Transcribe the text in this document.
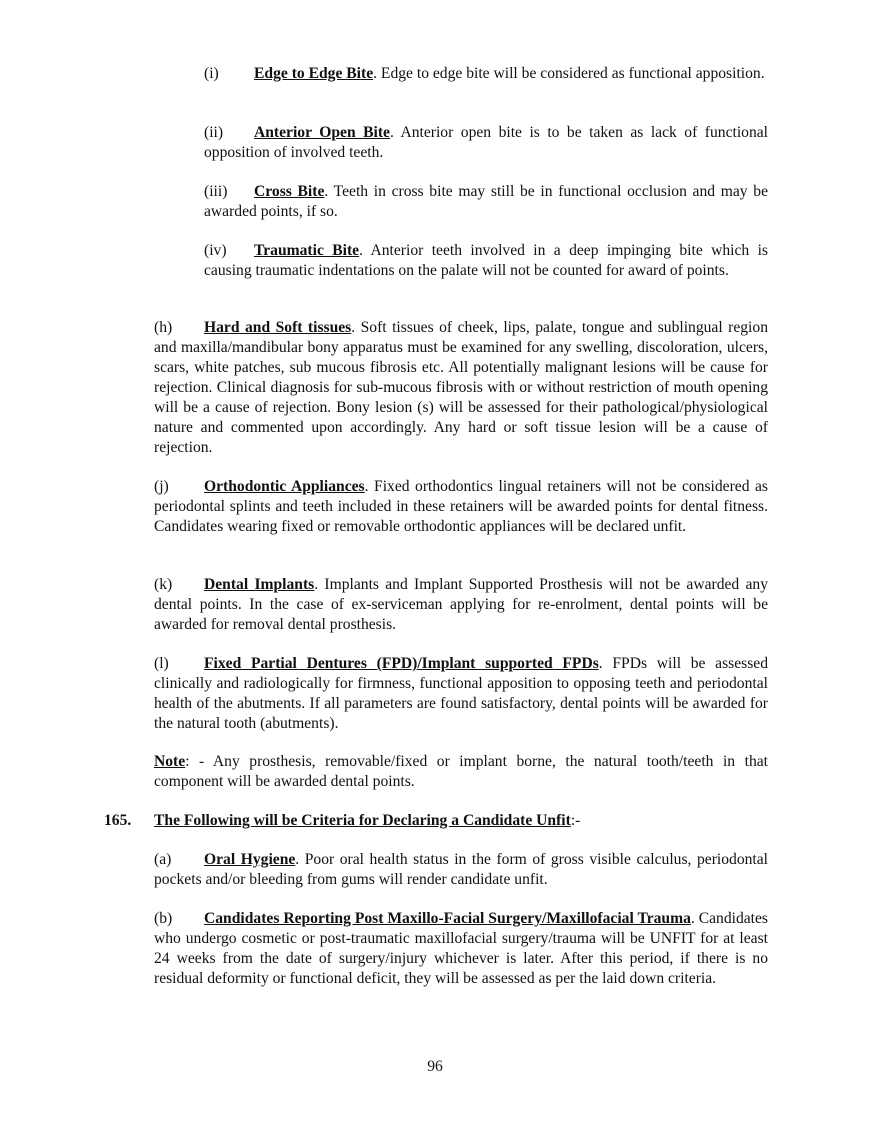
(i) Edge to Edge Bite. Edge to edge bite will be considered as functional apposition.

(ii) Anterior Open Bite. Anterior open bite is to be taken as lack of functional opposition of involved teeth.

(iii) Cross Bite. Teeth in cross bite may still be in functional occlusion and may be awarded points, if so.

(iv) Traumatic Bite. Anterior teeth involved in a deep impinging bite which is causing traumatic indentations on the palate will not be counted for award of points.

(h) Hard and Soft tissues. Soft tissues of cheek, lips, palate, tongue and sublingual region and maxilla/mandibular bony apparatus must be examined for any swelling, discoloration, ulcers, scars, white patches, sub mucous fibrosis etc. All potentially malignant lesions will be cause for rejection. Clinical diagnosis for sub-mucous fibrosis with or without restriction of mouth opening will be a cause of rejection. Bony lesion (s) will be assessed for their pathological/physiological nature and commented upon accordingly. Any hard or soft tissue lesion will be a cause of rejection.

(j) Orthodontic Appliances. Fixed orthodontics lingual retainers will not be considered as periodontal splints and teeth included in these retainers will be awarded points for dental fitness. Candidates wearing fixed or removable orthodontic appliances will be declared unfit.

(k) Dental Implants. Implants and Implant Supported Prosthesis will not be awarded any dental points. In the case of ex-serviceman applying for re-enrolment, dental points will be awarded for removal dental prosthesis.

(l) Fixed Partial Dentures (FPD)/Implant supported FPDs. FPDs will be assessed clinically and radiologically for firmness, functional apposition to opposing teeth and periodontal health of the abutments. If all parameters are found satisfactory, dental points will be awarded for the natural tooth (abutments).

Note: - Any prosthesis, removable/fixed or implant borne, the natural tooth/teeth in that component will be awarded dental points.

165. The Following will be Criteria for Declaring a Candidate Unfit:-

(a) Oral Hygiene. Poor oral health status in the form of gross visible calculus, periodontal pockets and/or bleeding from gums will render candidate unfit.

(b) Candidates Reporting Post Maxillo-Facial Surgery/Maxillofacial Trauma. Candidates who undergo cosmetic or post-traumatic maxillofacial surgery/trauma will be UNFIT for at least 24 weeks from the date of surgery/injury whichever is later. After this period, if there is no residual deformity or functional deficit, they will be assessed as per the laid down criteria.

96
